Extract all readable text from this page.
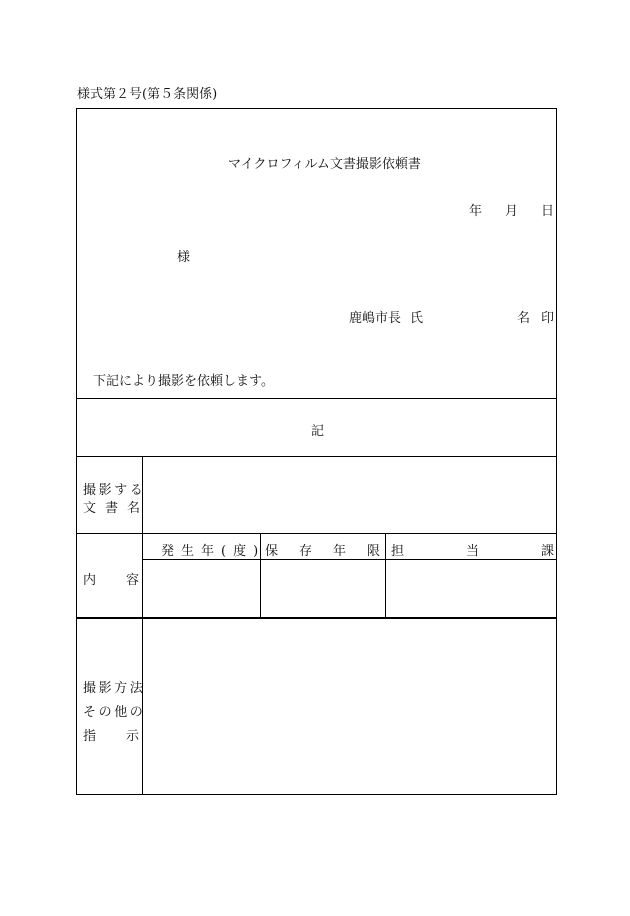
様式第２号(第５条関係)
マイクロフィルム文書撮影依頼書
年 月 日
様
鹿嶋市長 氏	名 印
下記により撮影を依頼します。
記
撮影する
文書名
発生年(度) 保存年限
担当課
内容
撮影方法
その他の
指示
